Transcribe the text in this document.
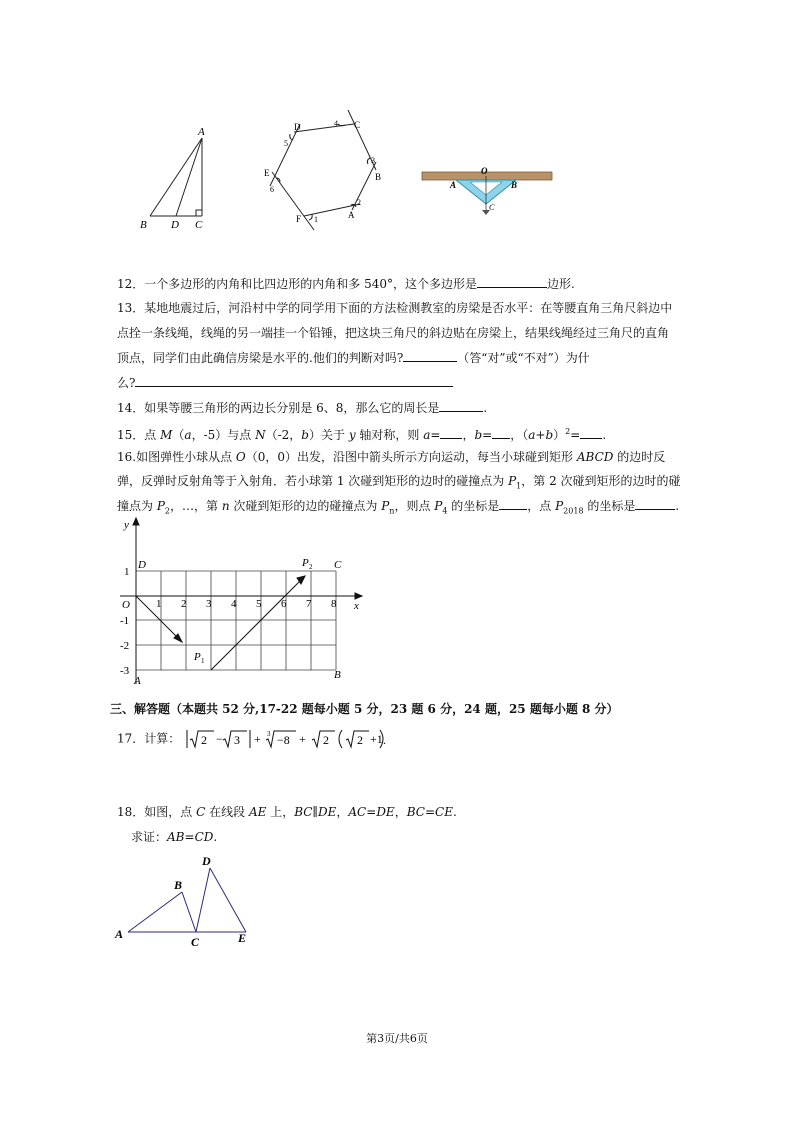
A
B D C
D	C
B
A
F
E
4
3
2
1
6
5
O
A	B
C
12．一个多边形的内角和比四边形的内角和多 540°，这个多边形是	边形.
13．某地地震过后，河沿村中学的同学用下面的方法检测教室的房梁是否水平：在等腰直角三角尺斜边中
点拴一条线绳，线绳的另一端挂一个铅锤，把这块三角尺的斜边贴在房梁上，结果线绳经过三角尺的直角
顶点，同学们由此确信房梁是水平的.他们的判断对吗?	（答“对”或“不对”）为什
么?
14．如果等腰三角形的两边长分别是 6、8，那么它的周长是	.
15．点 M（a，-5）与点 N（-2，b）关于 y 轴对称，则 a= ，b= ，$(a+b)^2=$ .
16.如图弹性小球从点 O（0，0）出发，沿图中箭头所示方向运动，每当小球碰到矩形 ABCD 的边时反
弹，反弹时反射角等于入射角．若小球第 1 次碰到矩形的边时的碰撞点为 $P_1$，第 2 次碰到矩形的边时的碰
撞点为 $P_2$，…，第 n 次碰到矩形的边的碰撞点为 $P_n$，则点 $P_4$ 的坐标是 ，点 $P_{2018}$ 的坐标是	.
y
x
O
D	C
A	B
1 2 3 4 5 6 7 8
1
-1
-2
-3
P 1
P 2
三、解答题（本题共 52 分,17-22 题每小题 5 分，23 题 6 分，24 题，25 题每小题 8 分）
17．计算： 2 − 3 + 3 −8 + 2 2 +1 .
18．如图，点 C 在线段 AE 上，BC∥DE，AC=DE，BC=CE.
求证：AB=CD.
A
B
C
D
E
第3页/共6页
